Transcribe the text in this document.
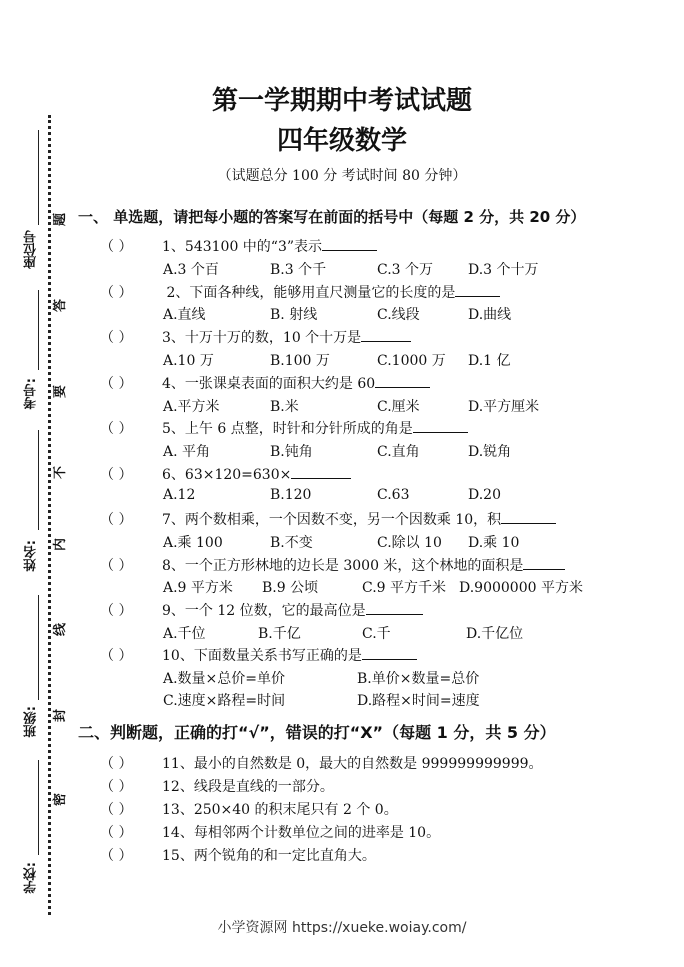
座位号
考号:
姓名:
班级:
学校:
题
答
要
不
内
线
封
密
第一学期期中考试试题
四年级数学
（试题总分 100 分 考试时间 80 分钟）
一、 单选题，请把每小题的答案写在前面的括号中（每题 2 分，共 20 分）
（ ） 1、543100 中的“3”表示
A.3 个百	B.3 个千	C.3 个万 D.3 个十万
（ ） 2、下面各种线，能够用直尺测量它的长度的是
A.直线	B. 射线	C.线段	D.曲线
（ ） 3、十万十万的数，10 个十万是
A.10 万	B.100 万	C.1000 万 D.1 亿
（ ） 4、一张课桌表面的面积大约是 60
A.平方米	B.米	C.厘米	D.平方厘米
（ ） 5、上午 6 点整，时针和分针所成的角是
A. 平角	B.钝角	C.直角	D.锐角
（ ） 6、63×120=630×
A.12	B.120	C.63	D.20
（ ） 7、两个数相乘，一个因数不变，另一个因数乘 10，积
A.乘 100	B.不变	C.除以 10 D.乘 10
（ ） 8、一个正方形林地的边长是 3000 米，这个林地的面积是
A.9 平方米 B.9 公顷	C.9 平方千米 D.9000000 平方米
（ ） 9、一个 12 位数，它的最高位是
A.千位	B.千亿	C.千	D.千亿位
（ ） 10、下面数量关系书写正确的是
A.数量×总价=单价	B.单价×数量=总价
C.速度×路程=时间	D.路程×时间=速度
二、判断题，正确的打“√”，错误的打“X”（每题 1 分，共 5 分）
（ ） 11、最小的自然数是 0，最大的自然数是 999999999999。
（ ） 12、线段是直线的一部分。
（ ） 13、250×40 的积末尾只有 2 个 0。
（ ） 14、每相邻两个计数单位之间的进率是 10。
（ ） 15、两个锐角的和一定比直角大。
小学资源网 https://xueke.woiay.com/
